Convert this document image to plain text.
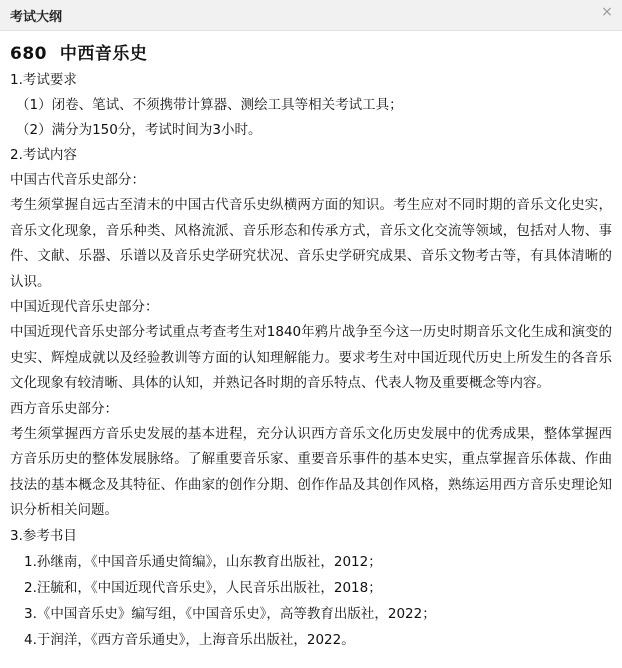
考试大纲	×
680  中西音乐史

1.考试要求

（1）闭卷、笔试、不须携带计算器、测绘工具等相关考试工具；

（2）满分为150分，考试时间为3小时。

2.考试内容

中国古代音乐史部分：

考生须掌握自远古至清末的中国古代音乐史纵横两方面的知识。考生应对不同时期的音乐文化史实，音乐文化现象，音乐种类、风格流派、音乐形态和传承方式，音乐文化交流等领域，包括对人物、事件、文献、乐器、乐谱以及音乐史学研究状况、音乐史学研究成果、音乐文物考古等，有具体清晰的认识。

中国近现代音乐史部分：

中国近现代音乐史部分考试重点考查考生对1840年鸦片战争至今这一历史时期音乐文化生成和演变的史实、辉煌成就以及经验教训等方面的认知理解能力。要求考生对中国近现代历史上所发生的各音乐文化现象有较清晰、具体的认知，并熟记各时期的音乐特点、代表人物及重要概念等内容。

西方音乐史部分：

考生须掌握西方音乐史发展的基本进程，充分认识西方音乐文化历史发展中的优秀成果，整体掌握西方音乐历史的整体发展脉络。了解重要音乐家、重要音乐事件的基本史实，重点掌握音乐体裁、作曲技法的基本概念及其特征、作曲家的创作分期、创作作品及其创作风格，熟练运用西方音乐史理论知识分析相关问题。

3.参考书目

1.孙继南，《中国音乐通史简编》，山东教育出版社，2012；

2.汪毓和，《中国近现代音乐史》，人民音乐出版社，2018；

3.《中国音乐史》编写组，《中国音乐史》，高等教育出版社，2022；

4.于润洋，《西方音乐通史》，上海音乐出版社，2022。
